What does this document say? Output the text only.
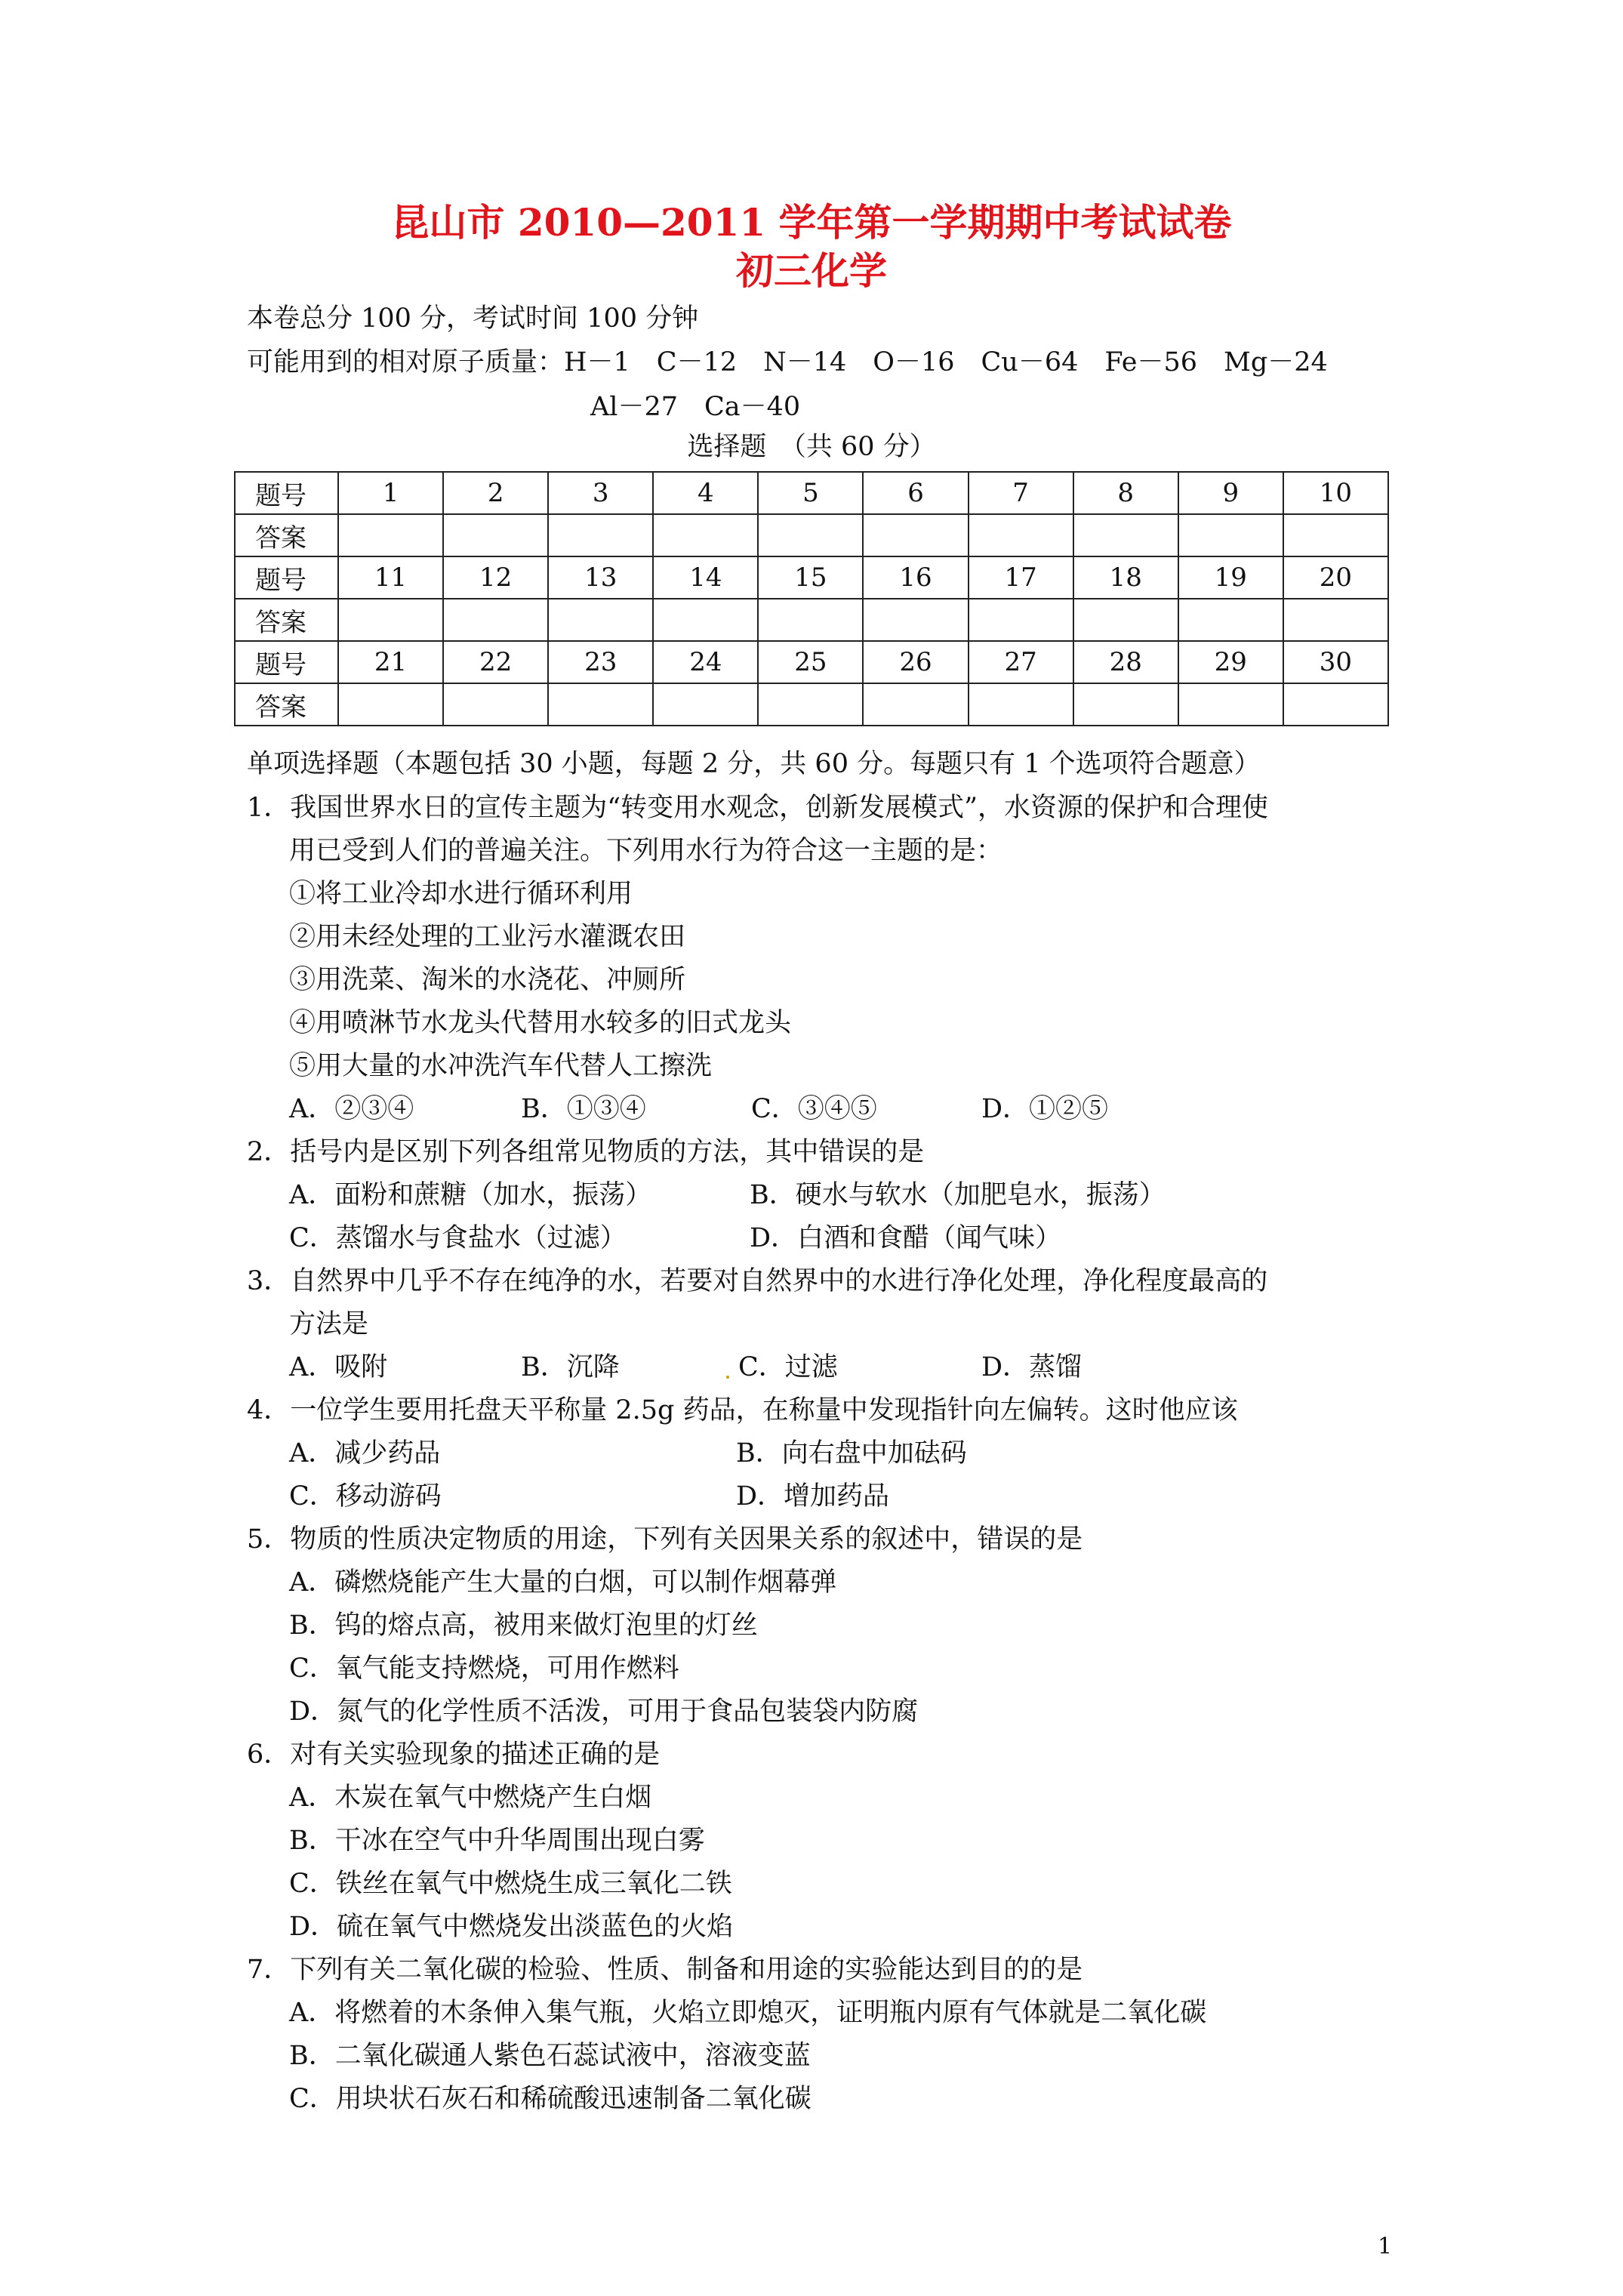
昆山市 2010—2011 学年第一学期期中考试试卷
初三化学
本卷总分 100 分，考试时间 100 分钟
可能用到的相对原子质量：H－1　C－12　N－14　O－16　Cu－64　Fe－56　Mg－24
Al－27　Ca－40
选择题　（共 60 分）
题号	1	2	3	4	5	6	7	8	9	10
答案										
题号	11	12	13	14	15	16	17	18	19	20
答案										
题号	21	22	23	24	25	26	27	28	29	30
答案										
单项选择题（本题包括 30 小题，每题 2 分，共 60 分。每题只有 1 个选项符合题意）
1．我国世界水日的宣传主题为“转变用水观念，创新发展模式”，水资源的保护和合理使
用已受到人们的普遍关注。下列用水行为符合这一主题的是：
①将工业冷却水进行循环利用
②用未经处理的工业污水灌溉农田
③用洗菜、淘米的水浇花、冲厕所
④用喷淋节水龙头代替用水较多的旧式龙头
⑤用大量的水冲洗汽车代替人工擦洗
A．②③④	B．①③④	C．③④⑤	D．①②⑤
2．括号内是区别下列各组常见物质的方法，其中错误的是
A．面粉和蔗糖（加水，振荡）	B．硬水与软水（加肥皂水，振荡）
C．蒸馏水与食盐水（过滤）	D．白酒和食醋（闻气味）
3．自然界中几乎不存在纯净的水，若要对自然界中的水进行净化处理，净化程度最高的
方法是
A．吸附	B．沉降	C．过滤	D．蒸馏
4．一位学生要用托盘天平称量 2.5g 药品，在称量中发现指针向左偏转。这时他应该
A．减少药品	B．向右盘中加砝码
C．移动游码	D．增加药品
5．物质的性质决定物质的用途，下列有关因果关系的叙述中，错误的是
A．磷燃烧能产生大量的白烟，可以制作烟幕弹
B．钨的熔点高，被用来做灯泡里的灯丝
C．氧气能支持燃烧，可用作燃料
D．氮气的化学性质不活泼，可用于食品包装袋内防腐
6．对有关实验现象的描述正确的是
A．木炭在氧气中燃烧产生白烟
B．干冰在空气中升华周围出现白雾
C．铁丝在氧气中燃烧生成三氧化二铁
D．硫在氧气中燃烧发出淡蓝色的火焰
7．下列有关二氧化碳的检验、性质、制备和用途的实验能达到目的的是
A．将燃着的木条伸入集气瓶，火焰立即熄灭，证明瓶内原有气体就是二氧化碳
B．二氧化碳通人紫色石蕊试液中，溶液变蓝
C．用块状石灰石和稀硫酸迅速制备二氧化碳
1
